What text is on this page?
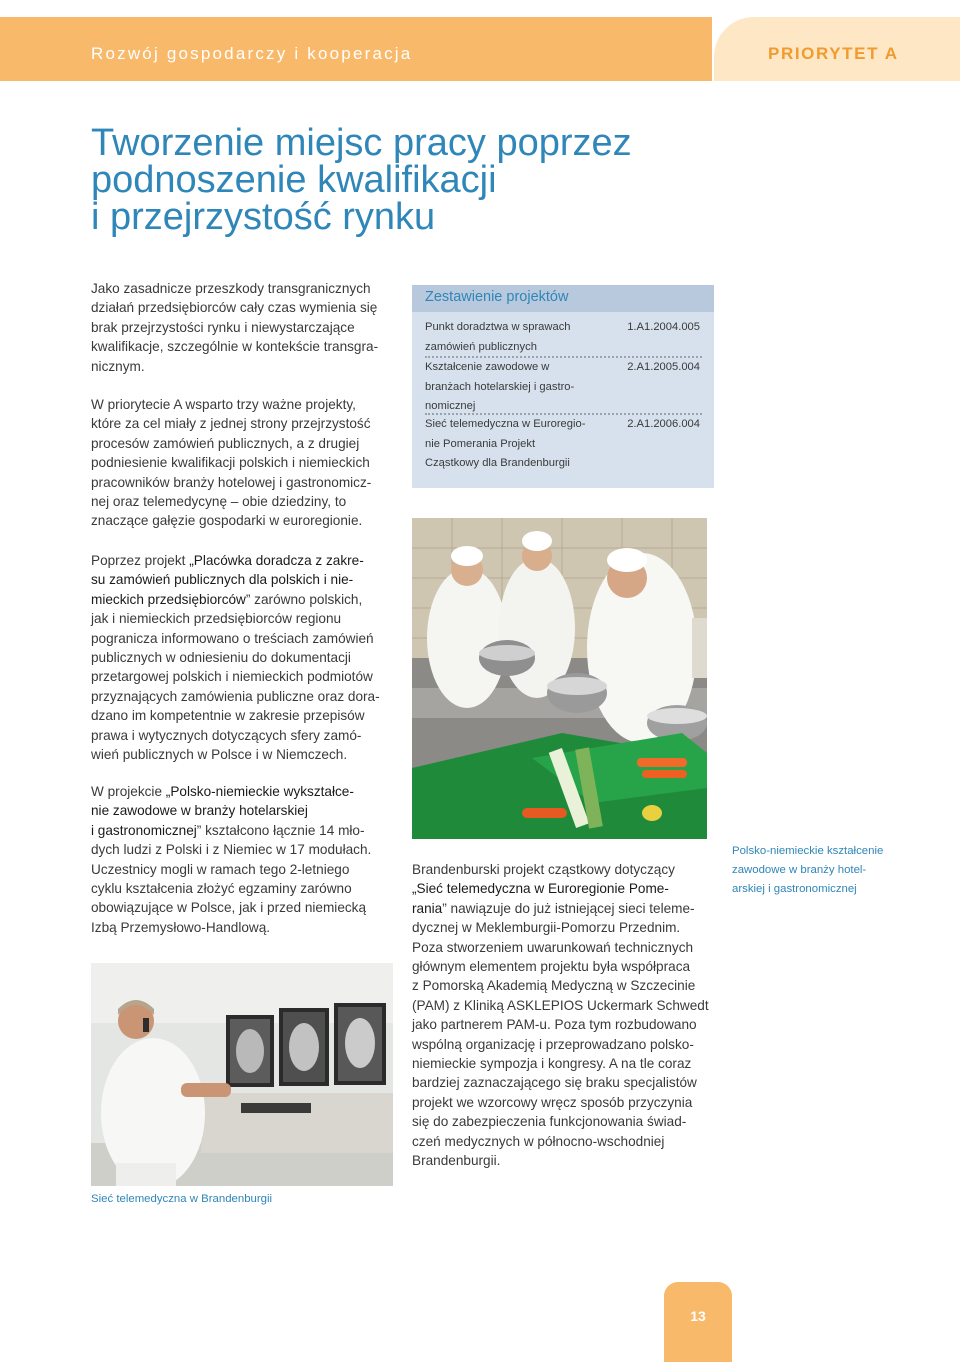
Rozwój gospodarczy i kooperacja	PRIORYTET A
Tworzenie miejsc pracy poprzez
podnoszenie kwalifikacji
i przejrzystość rynku
Jako zasadnicze przeszkody transgranicznych
działań przedsiębiorców cały czas wymienia się
brak przejrzystości rynku i niewystarczające
kwalifikacje, szczególnie w kontekście transgra-
nicznym.
W priorytecie A wsparto trzy ważne projekty,
które za cel miały z jednej strony przejrzystość
procesów zamówień publicznych, a z drugiej
podniesienie kwalifikacji polskich i niemieckich
pracowników branży hotelowej i gastronomicz-
nej oraz telemedycynę – obie dziedziny, to
znaczące gałęzie gospodarki w euroregionie.
Zestawienie projektów
Punkt doradztwa w sprawach
zamówień publicznych
1.A1.2004.005
Kształcenie zawodowe w
branżach hotelarskiej i gastro-
nomicznej
2.A1.2005.004
Sieć telemedyczna w Euroregio-
nie Pomerania Projekt
Cząstkowy dla Brandenburgii
2.A1.2006.004
Poprzez projekt „Placówka doradcza z zakre-
su zamówień publicznych dla polskich i nie-
mieckich przedsiębiorców” zarówno polskich,
jak i niemieckich przedsiębiorców regionu
pogranicza informowano o treściach zamówień
publicznych w odniesieniu do dokumentacji
przetargowej polskich i niemieckich podmiotów
przyznających zamówienia publiczne oraz dora-
dzano im kompetentnie w zakresie przepisów
prawa i wytycznych dotyczących sfery zamó-
wień publicznych w Polsce i w Niemczech.
W projekcie „Polsko-niemieckie wykształce-
nie zawodowe w branży hotelarskiej
i gastronomicznej” kształcono łącznie 14 mło-
dych ludzi z Polski i z Niemiec w 17 modułach.
Uczestnicy mogli w ramach tego 2-letniego
cyklu kształcenia złożyć egzaminy zarówno
obowiązujące w Polsce, jak i przed niemiecką
Izbą Przemysłowo-Handlową.
Polsko-niemieckie kształcenie
zawodowe w branży hotel-
arskiej i gastronomicznej
Brandenburski projekt cząstkowy dotyczący
„Sieć telemedyczna w Euroregionie Pome-
rania” nawiązuje do już istniejącej sieci teleme-
dycznej w Meklemburgii-Pomorzu Przednim.
Poza stworzeniem uwarunkowań technicznych
głównym elementem projektu była współpraca
z Pomorską Akademią Medyczną w Szczecinie
(PAM) z Kliniką ASKLEPIOS Uckermark Schwedt
jako partnerem PAM-u. Poza tym rozbudowano
wspólną organizację i przeprowadzano polsko-
niemieckie sympozja i kongresy. A na tle coraz
bardziej zaznaczającego się braku specjalistów
projekt we wzorcowy wręcz sposób przyczynia
się do zabezpieczenia funkcjonowania świad-
czeń medycznych w północno-wschodniej
Brandenburgii.
Sieć telemedyczna w Brandenburgii
13
